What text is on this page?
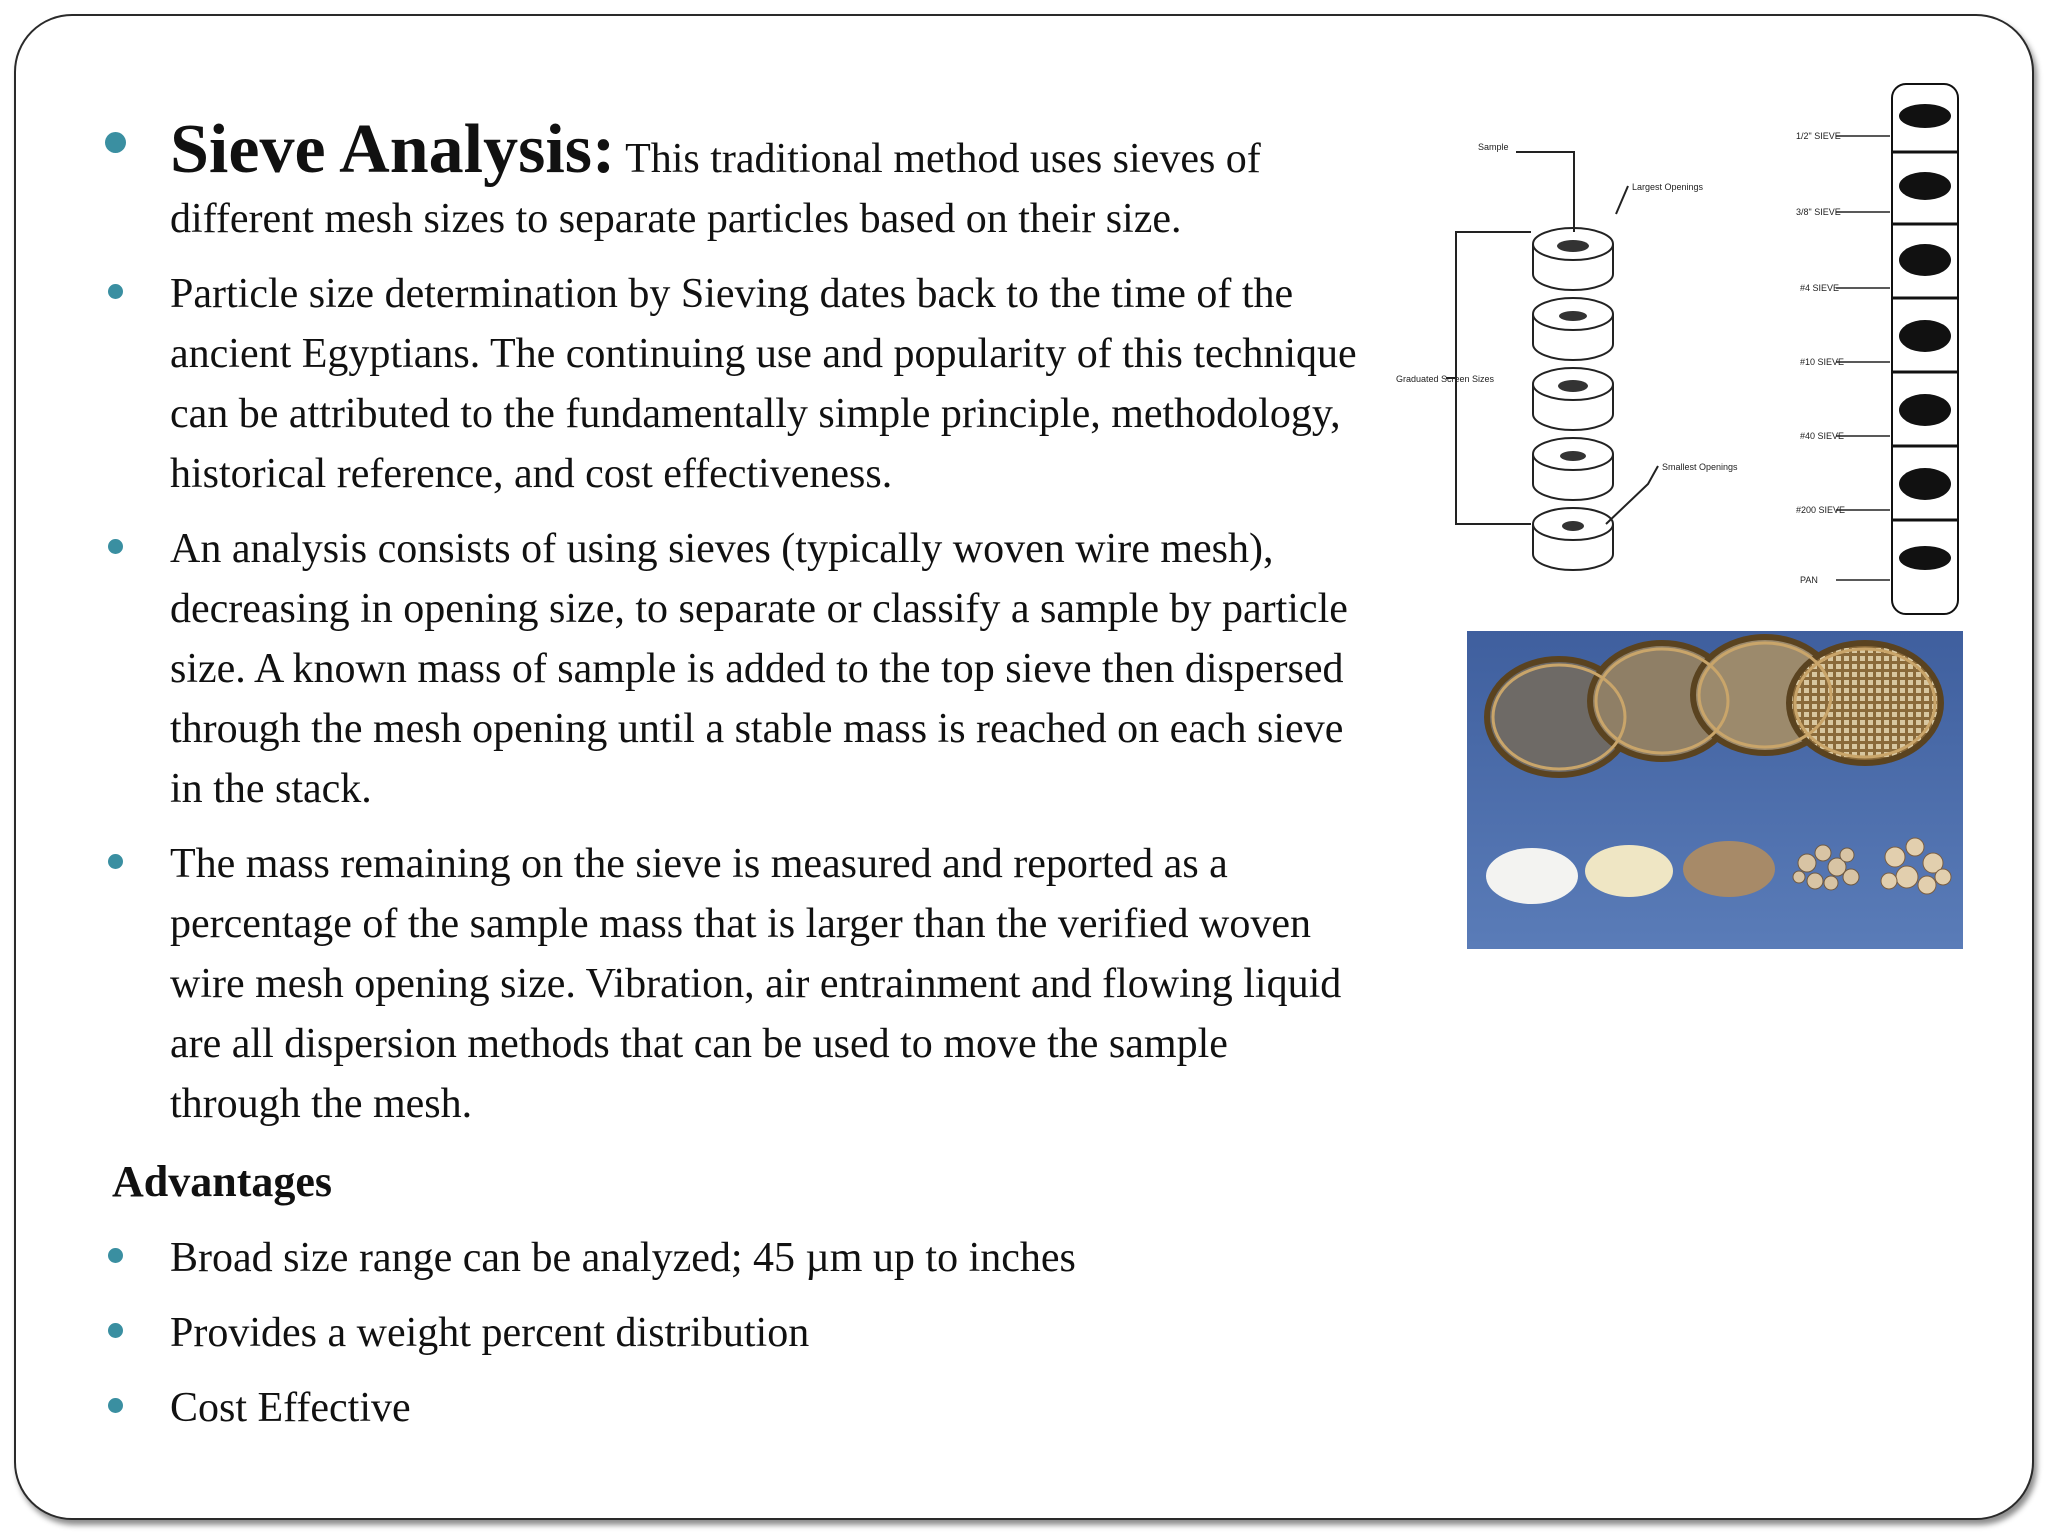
Sieve Analysis: This traditional method uses sieves of different mesh sizes to separate particles based on their size.
Particle size determination by Sieving dates back to the time of the ancient Egyptians. The continuing use and popularity of this technique can be attributed to the fundamentally simple principle, methodology, historical reference, and cost effectiveness.
An analysis consists of using sieves (typically woven wire mesh), decreasing in opening size, to separate or classify a sample by particle size. A known mass of sample is added to the top sieve then dispersed through the mesh opening until a stable mass is reached on each sieve in the stack.
The mass remaining on the sieve is measured and reported as a percentage of the sample mass that is larger than the verified woven wire mesh opening size. Vibration, air entrainment and flowing liquid are all dispersion methods that can be used to move the sample through the mesh.
Advantages
Broad size range can be analyzed; 45 µm up to inches
Provides a weight percent distribution
Cost Effective
Sample
Largest Openings
Graduated Screen Sizes
Smallest Openings
1/2" SIEVE
3/8" SIEVE
#4 SIEVE
#10 SIEVE
#40 SIEVE
#200 SIEVE
PAN
